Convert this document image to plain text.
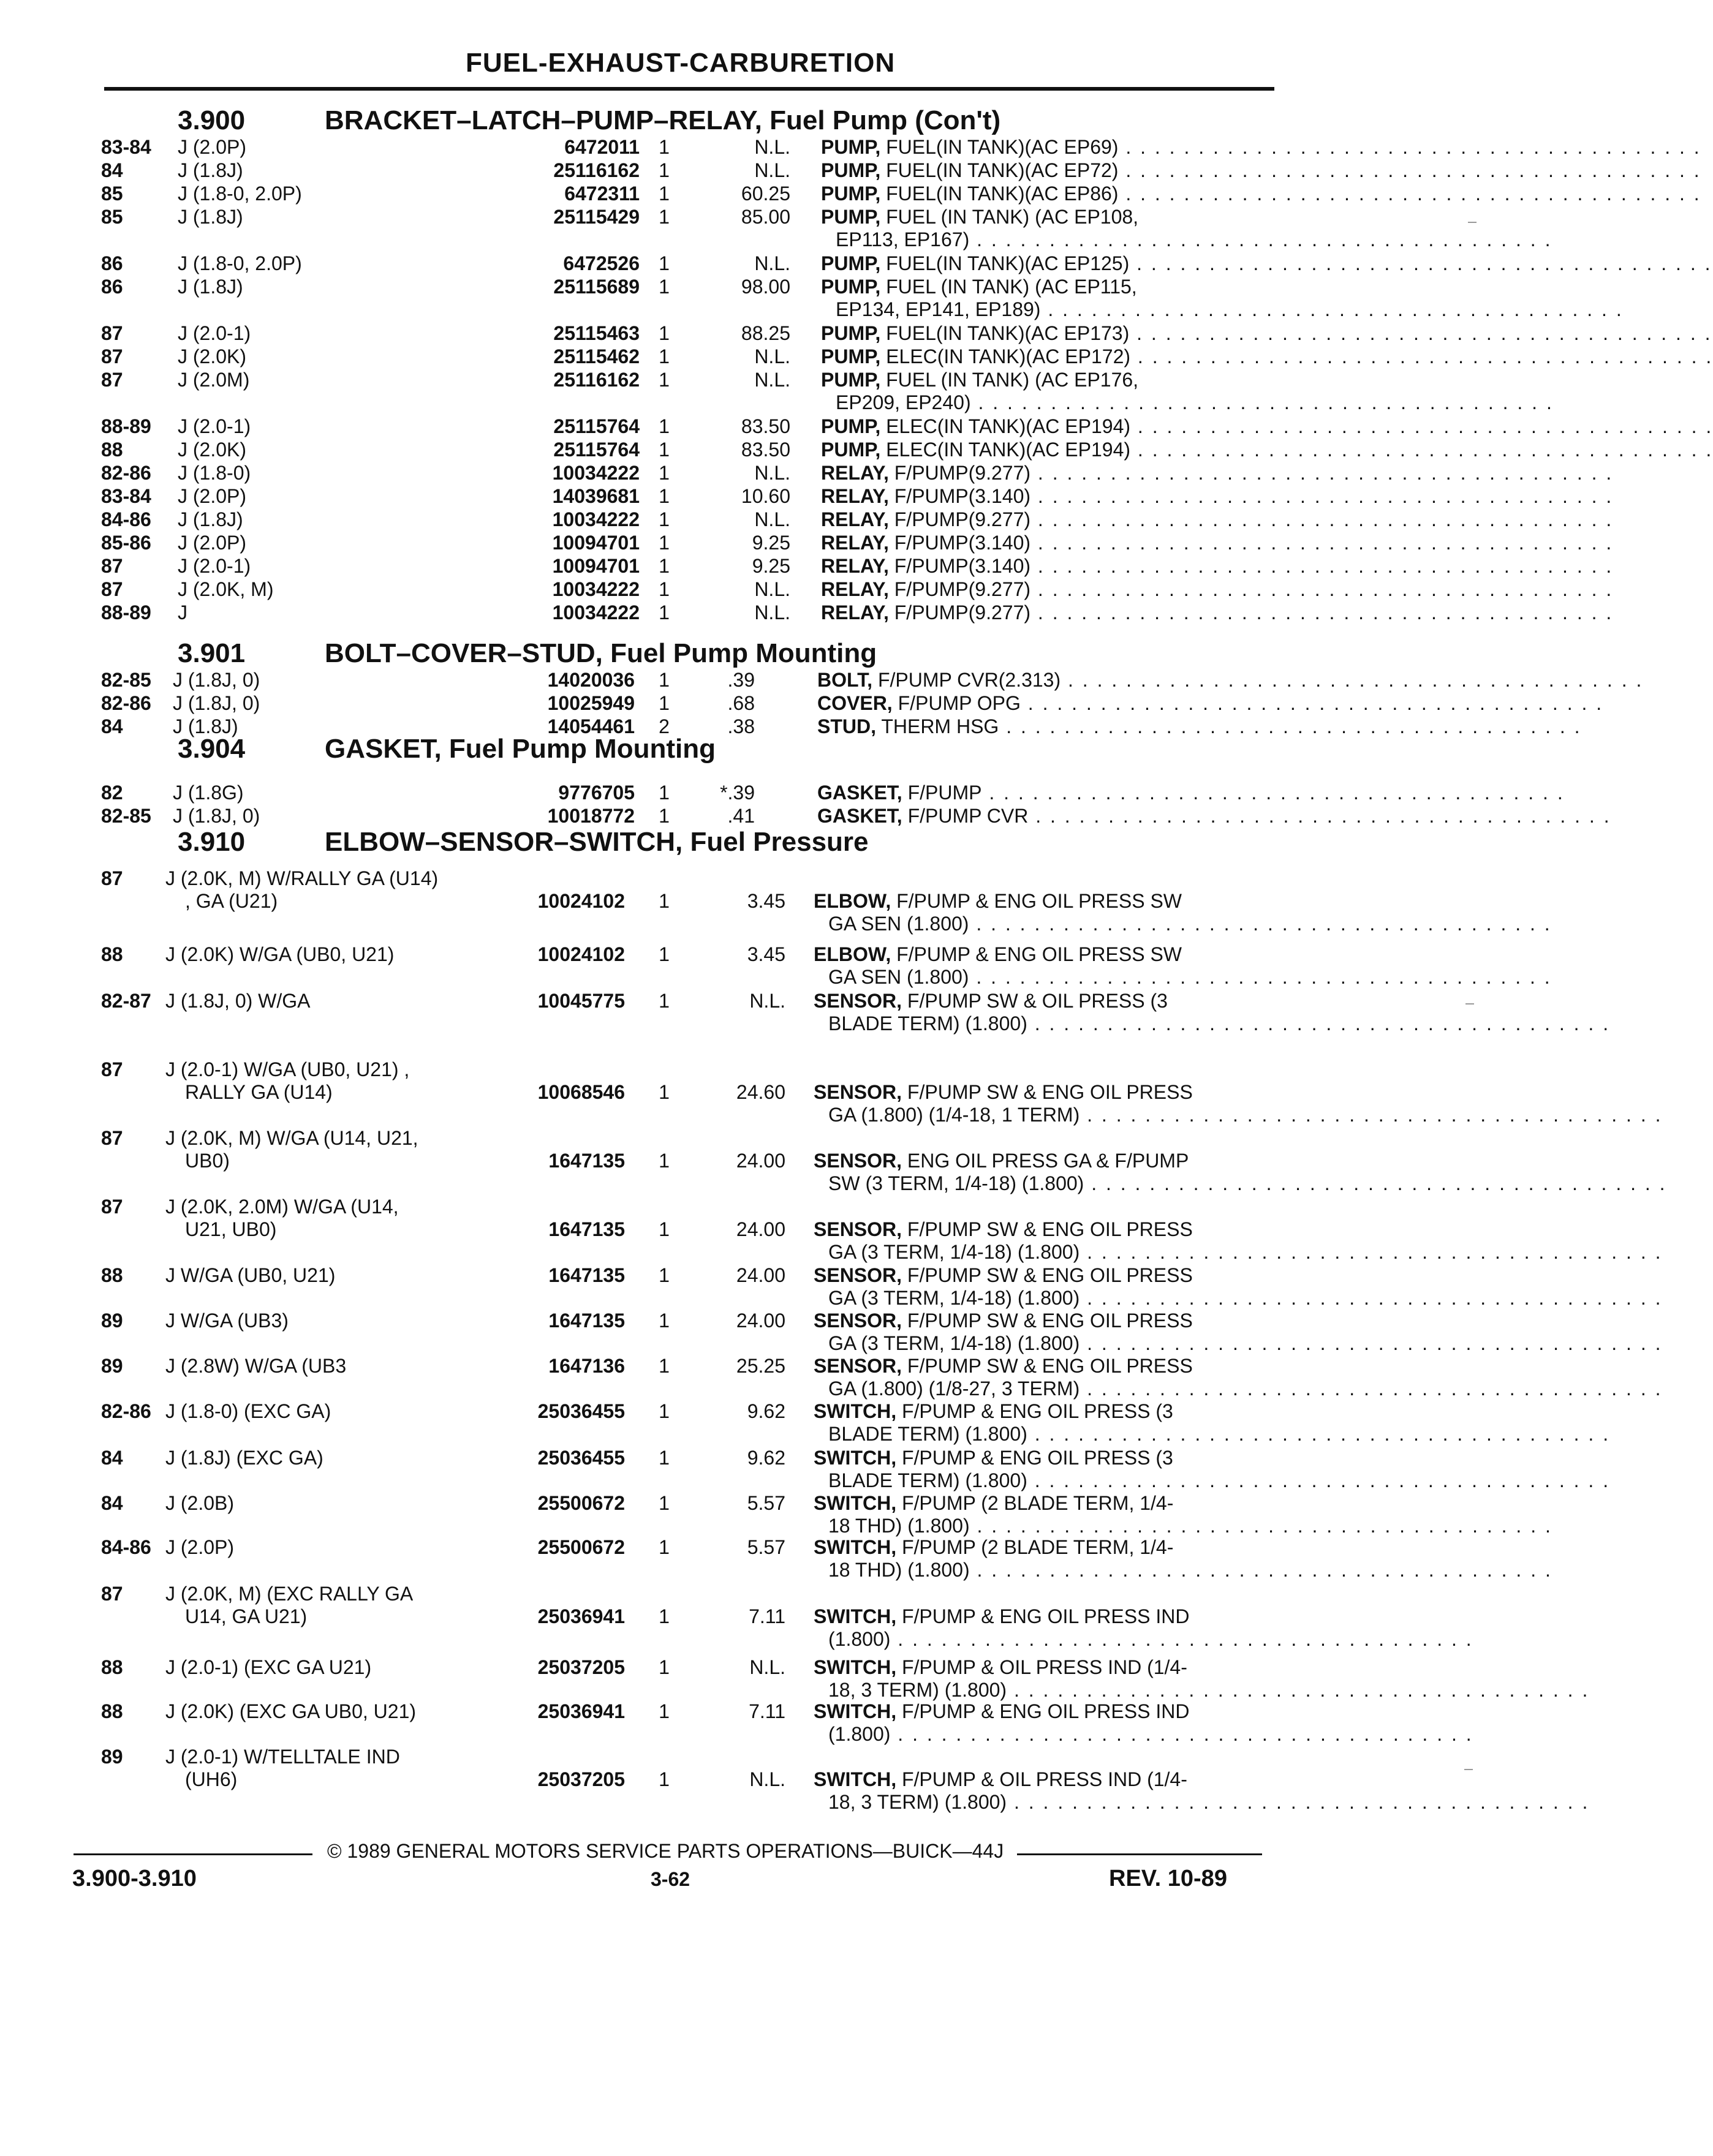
FUEL-EXHAUST-CARBURETION
3.900	BRACKET–LATCH–PUMP–RELAY, Fuel Pump (Con't)
83-84 J (2.0P)	6472011 1	N.L. PUMP, FUEL(IN TANK)(AC EP69) . . . . . . . . . . . . . . . . . . . . . . . . . . . . . . . . . . . . . . . .
84	J (1.8J)	25116162 1	N.L. PUMP, FUEL(IN TANK)(AC EP72) . . . . . . . . . . . . . . . . . . . . . . . . . . . . . . . . . . . . . . . .
85	J (1.8-0, 2.0P)	6472311 1	60.25 PUMP, FUEL(IN TANK)(AC EP86) . . . . . . . . . . . . . . . . . . . . . . . . . . . . . . . . . . . . . . . .
85	J (1.8J)	25115429 1	85.00 PUMP, FUEL (IN TANK) (AC EP108,
EP113, EP167) . . . . . . . . . . . . . . . . . . . . . . . . . . . . . . . . . . . . . . . .
86	J (1.8-0, 2.0P)	6472526 1	N.L. PUMP, FUEL(IN TANK)(AC EP125) . . . . . . . . . . . . . . . . . . . . . . . . . . . . . . . . . . . . . . . .
86	J (1.8J)	25115689 1	98.00 PUMP, FUEL (IN TANK) (AC EP115,
EP134, EP141, EP189) . . . . . . . . . . . . . . . . . . . . . . . . . . . . . . . . . . . . . . . .
87	J (2.0-1)	25115463 1	88.25 PUMP, FUEL(IN TANK)(AC EP173) . . . . . . . . . . . . . . . . . . . . . . . . . . . . . . . . . . . . . . . .
87	J (2.0K)	25115462 1	N.L. PUMP, ELEC(IN TANK)(AC EP172) . . . . . . . . . . . . . . . . . . . . . . . . . . . . . . . . . . . . . . . .
87	J (2.0M)	25116162 1	N.L. PUMP, FUEL (IN TANK) (AC EP176,
EP209, EP240) . . . . . . . . . . . . . . . . . . . . . . . . . . . . . . . . . . . . . . . .
88-89 J (2.0-1)	25115764 1	83.50 PUMP, ELEC(IN TANK)(AC EP194) . . . . . . . . . . . . . . . . . . . . . . . . . . . . . . . . . . . . . . . .
88	J (2.0K)	25115764 1	83.50 PUMP, ELEC(IN TANK)(AC EP194) . . . . . . . . . . . . . . . . . . . . . . . . . . . . . . . . . . . . . . . .
82-86 J (1.8-0)	10034222 1	N.L. RELAY, F/PUMP(9.277) . . . . . . . . . . . . . . . . . . . . . . . . . . . . . . . . . . . . . . . .
83-84 J (2.0P)	14039681 1	10.60 RELAY, F/PUMP(3.140) . . . . . . . . . . . . . . . . . . . . . . . . . . . . . . . . . . . . . . . .
84-86 J (1.8J)	10034222 1	N.L. RELAY, F/PUMP(9.277) . . . . . . . . . . . . . . . . . . . . . . . . . . . . . . . . . . . . . . . .
85-86 J (2.0P)	10094701 1	9.25 RELAY, F/PUMP(3.140) . . . . . . . . . . . . . . . . . . . . . . . . . . . . . . . . . . . . . . . .
87	J (2.0-1)	10094701 1	9.25 RELAY, F/PUMP(3.140) . . . . . . . . . . . . . . . . . . . . . . . . . . . . . . . . . . . . . . . .
87	J (2.0K, M)	10034222 1	N.L. RELAY, F/PUMP(9.277) . . . . . . . . . . . . . . . . . . . . . . . . . . . . . . . . . . . . . . . .
88-89 J	10034222 1	N.L. RELAY, F/PUMP(9.277) . . . . . . . . . . . . . . . . . . . . . . . . . . . . . . . . . . . . . . . .
3.901	BOLT–COVER–STUD, Fuel Pump Mounting
82-85 J (1.8J, 0)	14020036	1	.39	BOLT, F/PUMP CVR(2.313) . . . . . . . . . . . . . . . . . . . . . . . . . . . . . . . . . . . . . . . .
82-86 J (1.8J, 0)	10025949	1	.68	COVER, F/PUMP OPG . . . . . . . . . . . . . . . . . . . . . . . . . . . . . . . . . . . . . . . .
84	J (1.8J)	14054461	2	.38	STUD, THERM HSG . . . . . . . . . . . . . . . . . . . . . . . . . . . . . . . . . . . . . . . .
3.904	GASKET, Fuel Pump Mounting
82	J (1.8G)	9776705	1	*.39	GASKET, F/PUMP . . . . . . . . . . . . . . . . . . . . . . . . . . . . . . . . . . . . . . . .
82-85 J (1.8J, 0)	10018772	1	.41	GASKET, F/PUMP CVR . . . . . . . . . . . . . . . . . . . . . . . . . . . . . . . . . . . . . . . .
3.910	ELBOW–SENSOR–SWITCH, Fuel Pressure
87 J (2.0K, M) W/RALLY GA (U14)
, GA (U21)	10024102	1	3.45 ELBOW, F/PUMP & ENG OIL PRESS SW
GA SEN (1.800) . . . . . . . . . . . . . . . . . . . . . . . . . . . . . . . . . . . . . . . .
88 J (2.0K) W/GA (UB0, U21)	10024102	1	3.45 ELBOW, F/PUMP & ENG OIL PRESS SW
GA SEN (1.800) . . . . . . . . . . . . . . . . . . . . . . . . . . . . . . . . . . . . . . . .
82-87 J (1.8J, 0) W/GA	10045775	1	N.L. SENSOR, F/PUMP SW & OIL PRESS (3
BLADE TERM) (1.800) . . . . . . . . . . . . . . . . . . . . . . . . . . . . . . . . . . . . . . . .
87 J (2.0-1) W/GA (UB0, U21) ,
RALLY GA (U14)	10068546	1	24.60 SENSOR, F/PUMP SW & ENG OIL PRESS
GA (1.800) (1/4-18, 1 TERM) . . . . . . . . . . . . . . . . . . . . . . . . . . . . . . . . . . . . . . . .
87 J (2.0K, M) W/GA (U14, U21,
UB0)	1647135	1	24.00 SENSOR, ENG OIL PRESS GA & F/PUMP
SW (3 TERM, 1/4-18) (1.800) . . . . . . . . . . . . . . . . . . . . . . . . . . . . . . . . . . . . . . . .
87 J (2.0K, 2.0M) W/GA (U14,
U21, UB0)	1647135	1	24.00 SENSOR, F/PUMP SW & ENG OIL PRESS
GA (3 TERM, 1/4-18) (1.800) . . . . . . . . . . . . . . . . . . . . . . . . . . . . . . . . . . . . . . . .
88 J W/GA (UB0, U21)	1647135	1	24.00 SENSOR, F/PUMP SW & ENG OIL PRESS
GA (3 TERM, 1/4-18) (1.800) . . . . . . . . . . . . . . . . . . . . . . . . . . . . . . . . . . . . . . . .
89 J W/GA (UB3)	1647135	1	24.00 SENSOR, F/PUMP SW & ENG OIL PRESS
GA (3 TERM, 1/4-18) (1.800) . . . . . . . . . . . . . . . . . . . . . . . . . . . . . . . . . . . . . . . .
89 J (2.8W) W/GA (UB3	1647136	1	25.25 SENSOR, F/PUMP SW & ENG OIL PRESS
GA (1.800) (1/8-27, 3 TERM) . . . . . . . . . . . . . . . . . . . . . . . . . . . . . . . . . . . . . . . .
82-86 J (1.8-0) (EXC GA)	25036455	1	9.62 SWITCH, F/PUMP & ENG OIL PRESS (3
BLADE TERM) (1.800) . . . . . . . . . . . . . . . . . . . . . . . . . . . . . . . . . . . . . . . .
84 J (1.8J) (EXC GA)	25036455	1	9.62 SWITCH, F/PUMP & ENG OIL PRESS (3
BLADE TERM) (1.800) . . . . . . . . . . . . . . . . . . . . . . . . . . . . . . . . . . . . . . . .
84 J (2.0B)	25500672	1	5.57 SWITCH, F/PUMP (2 BLADE TERM, 1/4-
18 THD) (1.800) . . . . . . . . . . . . . . . . . . . . . . . . . . . . . . . . . . . . . . . .
84-86 J (2.0P)	25500672	1	5.57 SWITCH, F/PUMP (2 BLADE TERM, 1/4-
18 THD) (1.800) . . . . . . . . . . . . . . . . . . . . . . . . . . . . . . . . . . . . . . . .
87 J (2.0K, M) (EXC RALLY GA
U14, GA U21)	25036941	1	7.11 SWITCH, F/PUMP & ENG OIL PRESS IND
(1.800) . . . . . . . . . . . . . . . . . . . . . . . . . . . . . . . . . . . . . . . .
88 J (2.0-1) (EXC GA U21)	25037205	1	N.L. SWITCH, F/PUMP & OIL PRESS IND (1/4-
18, 3 TERM) (1.800) . . . . . . . . . . . . . . . . . . . . . . . . . . . . . . . . . . . . . . . .
88 J (2.0K) (EXC GA UB0, U21)	25036941	1	7.11 SWITCH, F/PUMP & ENG OIL PRESS IND
(1.800) . . . . . . . . . . . . . . . . . . . . . . . . . . . . . . . . . . . . . . . .
89 J (2.0-1) W/TELLTALE IND
(UH6)	25037205	1	N.L. SWITCH, F/PUMP & OIL PRESS IND (1/4-
18, 3 TERM) (1.800) . . . . . . . . . . . . . . . . . . . . . . . . . . . . . . . . . . . . . . . .
© 1989 GENERAL MOTORS SERVICE PARTS OPERATIONS—BUICK—44J
3.900-3.910	3-62	REV. 10-89
